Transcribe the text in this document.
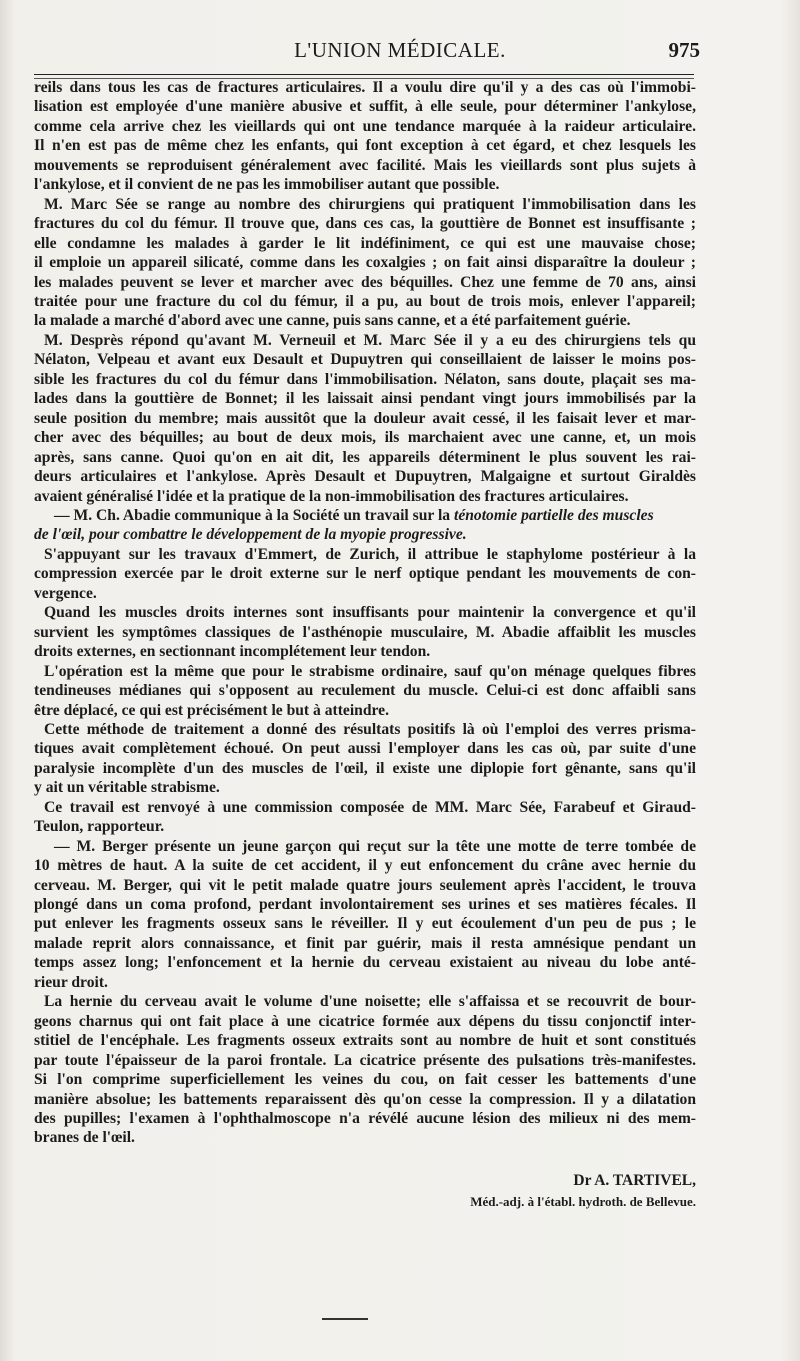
L'UNION MÉDICALE.	975
reils dans tous les cas de fractures articulaires. Il a voulu dire qu'il y a des cas où l'immobi-
lisation est employée d'une manière abusive et suffit, à elle seule, pour déterminer l'ankylose,
comme cela arrive chez les vieillards qui ont une tendance marquée à la raideur articulaire.
Il n'en est pas de même chez les enfants, qui font exception à cet égard, et chez lesquels les
mouvements se reproduisent généralement avec facilité. Mais les vieillards sont plus sujets à
l'ankylose, et il convient de ne pas les immobiliser autant que possible.
M. Marc Sée se range au nombre des chirurgiens qui pratiquent l'immobilisation dans les
fractures du col du fémur. Il trouve que, dans ces cas, la gouttière de Bonnet est insuffisante ;
elle condamne les malades à garder le lit indéfiniment, ce qui est une mauvaise chose;
il emploie un appareil silicaté, comme dans les coxalgies ; on fait ainsi disparaître la douleur ;
les malades peuvent se lever et marcher avec des béquilles. Chez une femme de 70 ans, ainsi
traitée pour une fracture du col du fémur, il a pu, au bout de trois mois, enlever l'appareil;
la malade a marché d'abord avec une canne, puis sans canne, et a été parfaitement guérie.
M. Desprès répond qu'avant M. Verneuil et M. Marc Sée il y a eu des chirurgiens tels qu
Nélaton, Velpeau et avant eux Desault et Dupuytren qui conseillaient de laisser le moins pos-
sible les fractures du col du fémur dans l'immobilisation. Nélaton, sans doute, plaçait ses ma-
lades dans la gouttière de Bonnet; il les laissait ainsi pendant vingt jours immobilisés par la
seule position du membre; mais aussitôt que la douleur avait cessé, il les faisait lever et mar-
cher avec des béquilles; au bout de deux mois, ils marchaient avec une canne, et, un mois
après, sans canne. Quoi qu'on en ait dit, les appareils déterminent le plus souvent les rai-
deurs articulaires et l'ankylose. Après Desault et Dupuytren, Malgaigne et surtout Giraldès
avaient généralisé l'idée et la pratique de la non-immobilisation des fractures articulaires.
— M. Ch. Abadie communique à la Société un travail sur la ténotomie partielle des muscles
de l'œil, pour combattre le développement de la myopie progressive.
S'appuyant sur les travaux d'Emmert, de Zurich, il attribue le staphylome postérieur à la
compression exercée par le droit externe sur le nerf optique pendant les mouvements de con-
vergence.
Quand les muscles droits internes sont insuffisants pour maintenir la convergence et qu'il
survient les symptômes classiques de l'asthénopie musculaire, M. Abadie affaiblit les muscles
droits externes, en sectionnant incomplétement leur tendon.
L'opération est la même que pour le strabisme ordinaire, sauf qu'on ménage quelques fibres
tendineuses médianes qui s'opposent au reculement du muscle. Celui-ci est donc affaibli sans
être déplacé, ce qui est précisément le but à atteindre.
Cette méthode de traitement a donné des résultats positifs là où l'emploi des verres prisma-
tiques avait complètement échoué. On peut aussi l'employer dans les cas où, par suite d'une
paralysie incomplète d'un des muscles de l'œil, il existe une diplopie fort gênante, sans qu'il
y ait un véritable strabisme.
Ce travail est renvoyé à une commission composée de MM. Marc Sée, Farabeuf et Giraud-
Teulon, rapporteur.
— M. Berger présente un jeune garçon qui reçut sur la tête une motte de terre tombée de
10 mètres de haut. A la suite de cet accident, il y eut enfoncement du crâne avec hernie du
cerveau. M. Berger, qui vit le petit malade quatre jours seulement après l'accident, le trouva
plongé dans un coma profond, perdant involontairement ses urines et ses matières fécales. Il
put enlever les fragments osseux sans le réveiller. Il y eut écoulement d'un peu de pus ; le
malade reprit alors connaissance, et finit par guérir, mais il resta amnésique pendant un
temps assez long; l'enfoncement et la hernie du cerveau existaient au niveau du lobe anté-
rieur droit.
La hernie du cerveau avait le volume d'une noisette; elle s'affaissa et se recouvrit de bour-
geons charnus qui ont fait place à une cicatrice formée aux dépens du tissu conjonctif inter-
stitiel de l'encéphale. Les fragments osseux extraits sont au nombre de huit et sont constitués
par toute l'épaisseur de la paroi frontale. La cicatrice présente des pulsations très-manifestes.
Si l'on comprime superficiellement les veines du cou, on fait cesser les battements d'une
manière absolue; les battements reparaissent dès qu'on cesse la compression. Il y a dilatation
des pupilles; l'examen à l'ophthalmoscope n'a révélé aucune lésion des milieux ni des mem-
branes de l'œil.
Dr A. TARTIVEL,
Méd.-adj. à l'établ. hydroth. de Bellevue.
